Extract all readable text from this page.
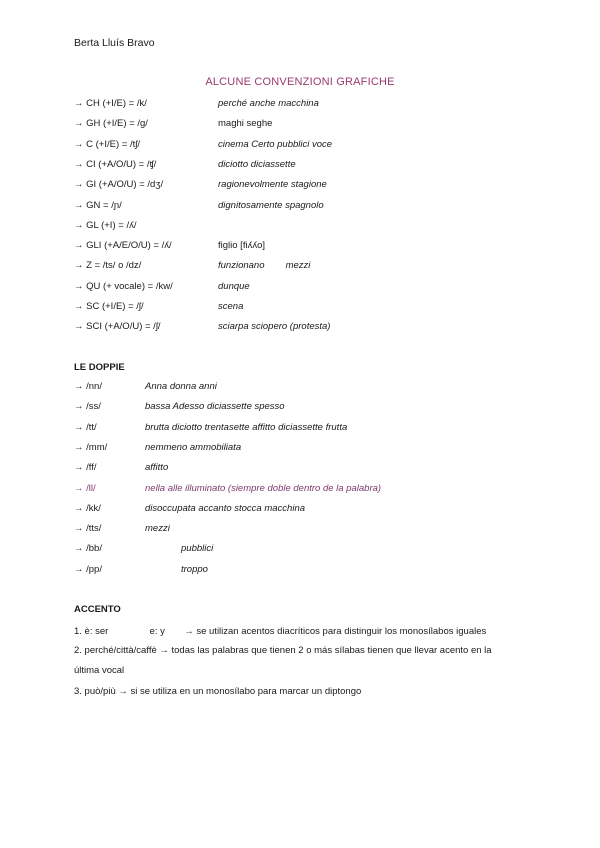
Berta Lluís Bravo
ALCUNE CONVENZIONI GRAFICHE
→ CH (+I/E) = /k/	perché anche macchina
→ GH (+I/E) = /g/	maghi seghe
→ C (+I/E) = /tʃ/	cinema Certo pubblici voce
→ CI (+A/O/U) = /ʧ/	diciotto diciassette
→ GI (+A/O/U) = /dʒ/	ragionevolmente stagione
→ GN = /ɲ/	dignitosamente spagnolo
→ GL (+I) = /ʎ/
→ GLI (+A/E/O/U) = /ʎ/	figlio [fiʎʎo]
→ Z = /ts/ o /dz/	funzionano        mezzi
→ QU (+ vocale) = /kw/	dunque
→ SC (+I/E) = /ʃ/	scena
→ SCI (+A/O/U) = /ʃ/	sciarpa sciopero (protesta)
LE DOPPIE
→ /nn/	Anna donna anni
→ /ss/	bassa Adesso diciassette spesso
→ /tt/	brutta diciotto trentasette affitto diciassette frutta
→ /mm/	nemmeno ammobiliata
→ /ff/	affitto
→ /ll/	nella alle illuminato (siempre doble dentro de la palabra)
→ /kk/	disoccupata accanto stocca macchina
→ /tts/	mezzi
→ /bb/	pubblici
→ /pp/	troppo
ACCENTO
1. è: ser	e: y → se utilizan acentos diacríticos para distinguir los monosílabos iguales
2. perché/città/caffè → todas las palabras que tienen 2 o más sílabas tienen que llevar acento en la última vocal
3. può/più → si se utiliza en un monosílabo para marcar un diptongo
